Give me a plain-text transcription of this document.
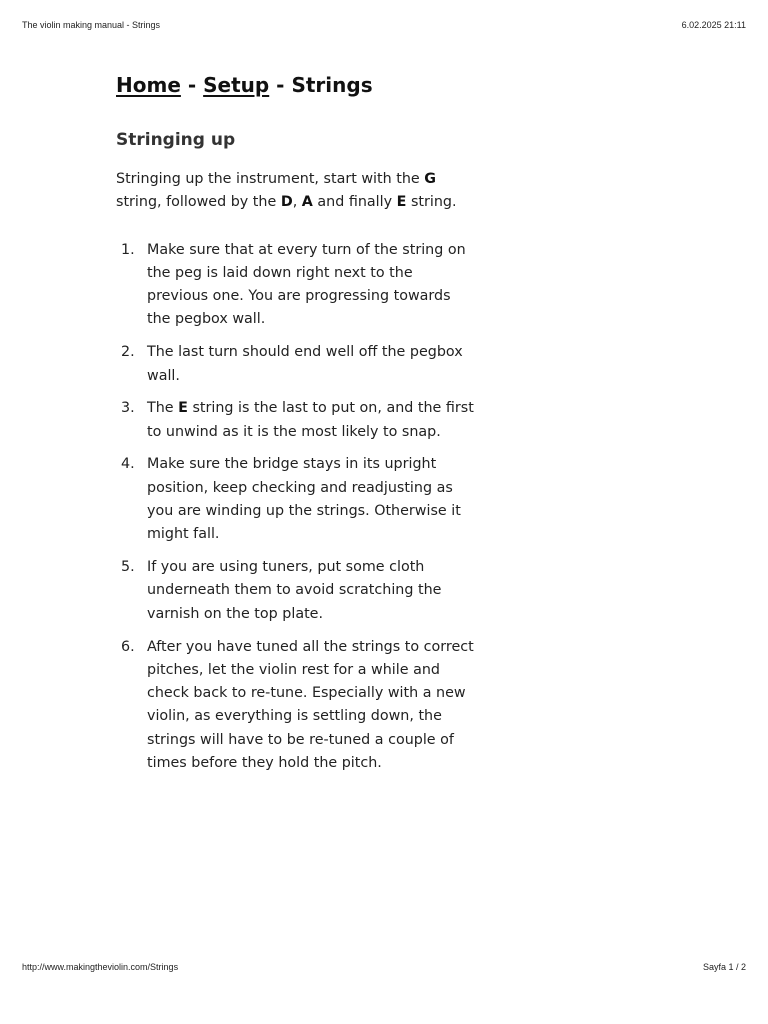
The violin making manual - Strings	6.02.2025 21:11
Home - Setup - Strings
Stringing up

Stringing up the instrument, start with the G string, followed by the D, A and finally E string.

1. Make sure that at every turn of the string on the peg is laid down right next to the previous one. You are progressing towards the pegbox wall.
2. The last turn should end well off the pegbox wall.
3. The E string is the last to put on, and the first to unwind as it is the most likely to snap.
4. Make sure the bridge stays in its upright position, keep checking and readjusting as you are winding up the strings. Otherwise it might fall.
5. If you are using tuners, put some cloth underneath them to avoid scratching the varnish on the top plate.
6. After you have tuned all the strings to correct pitches, let the violin rest for a while and check back to re-tune. Especially with a new violin, as everything is settling down, the strings will have to be re-tuned a couple of times before they hold the pitch.
http://www.makingtheviolin.com/Strings	Sayfa 1 / 2
